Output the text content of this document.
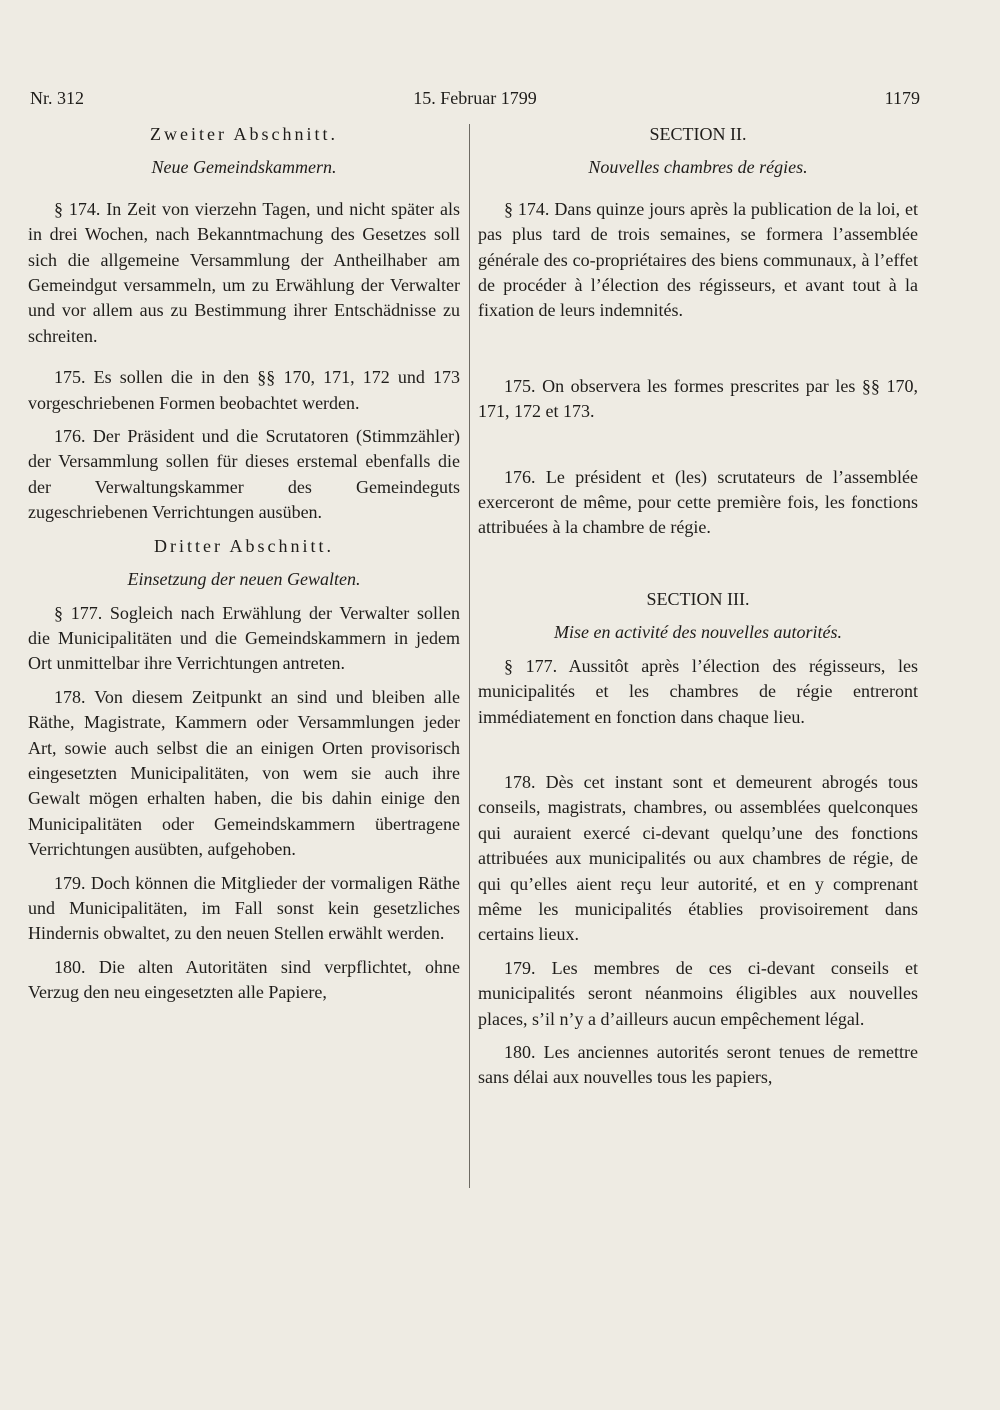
Nr. 312	15. Februar 1799	1179
Zweiter Abschnitt.
Neue Gemeindskammern.

§ 174. In Zeit von vierzehn Tagen, und nicht später als in drei Wochen, nach Bekanntmachung des Gesetzes soll sich die allgemeine Versammlung der Antheilhaber am Gemeindgut versammeln, um zu Erwählung der Verwalter und vor allem aus zu Bestimmung ihrer Entschädnisse zu schreiten.

175. Es sollen die in den §§ 170, 171, 172 und 173 vorgeschriebenen Formen beobachtet werden.

176. Der Präsident und die Scrutatoren (Stimmzähler) der Versammlung sollen für dieses erstemal ebenfalls die der Verwaltungskammer des Gemeindeguts zugeschriebenen Verrichtungen ausüben.

Dritter Abschnitt.
Einsetzung der neuen Gewalten.

§ 177. Sogleich nach Erwählung der Verwalter sollen die Municipalitäten und die Gemeindskammern in jedem Ort unmittelbar ihre Verrichtungen antreten.

178. Von diesem Zeitpunkt an sind und bleiben alle Räthe, Magistrate, Kammern oder Versammlungen jeder Art, sowie auch selbst die an einigen Orten provisorisch eingesetzten Municipalitäten, von wem sie auch ihre Gewalt mögen erhalten haben, die bis dahin einige den Municipalitäten oder Gemeindskammern übertragene Verrichtungen ausübten, aufgehoben.

179. Doch können die Mitglieder der vormaligen Räthe und Municipalitäten, im Fall sonst kein gesetzliches Hindernis obwaltet, zu den neuen Stellen erwählt werden.

180. Die alten Autoritäten sind verpflichtet, ohne Verzug den neu eingesetzten alle Papiere,

SECTION II.
Nouvelles chambres de régies.

§ 174. Dans quinze jours après la publication de la loi, et pas plus tard de trois semaines, se formera l’assemblée générale des co-propriétaires des biens communaux, à l’effet de procéder à l’élection des régisseurs, et avant tout à la fixation de leurs indemnités.

175. On observera les formes prescrites par les §§ 170, 171, 172 et 173.

176. Le président et (les) scrutateurs de l’assemblée exerceront de même, pour cette première fois, les fonctions attribuées à la chambre de régie.

SECTION III.
Mise en activité des nouvelles autorités.

§ 177. Aussitôt après l’élection des régisseurs, les municipalités et les chambres de régie entreront immédiatement en fonction dans chaque lieu.

178. Dès cet instant sont et demeurent abrogés tous conseils, magistrats, chambres, ou assemblées quelconques qui auraient exercé ci-devant quelqu’une des fonctions attribuées aux municipalités ou aux chambres de régie, de qui qu’elles aient reçu leur autorité, et en y comprenant même les municipalités établies provisoirement dans certains lieux.

179. Les membres de ces ci-devant conseils et municipalités seront néanmoins éligibles aux nouvelles places, s’il n’y a d’ailleurs aucun empêchement légal.

180. Les anciennes autorités seront tenues de remettre sans délai aux nouvelles tous les papiers,
